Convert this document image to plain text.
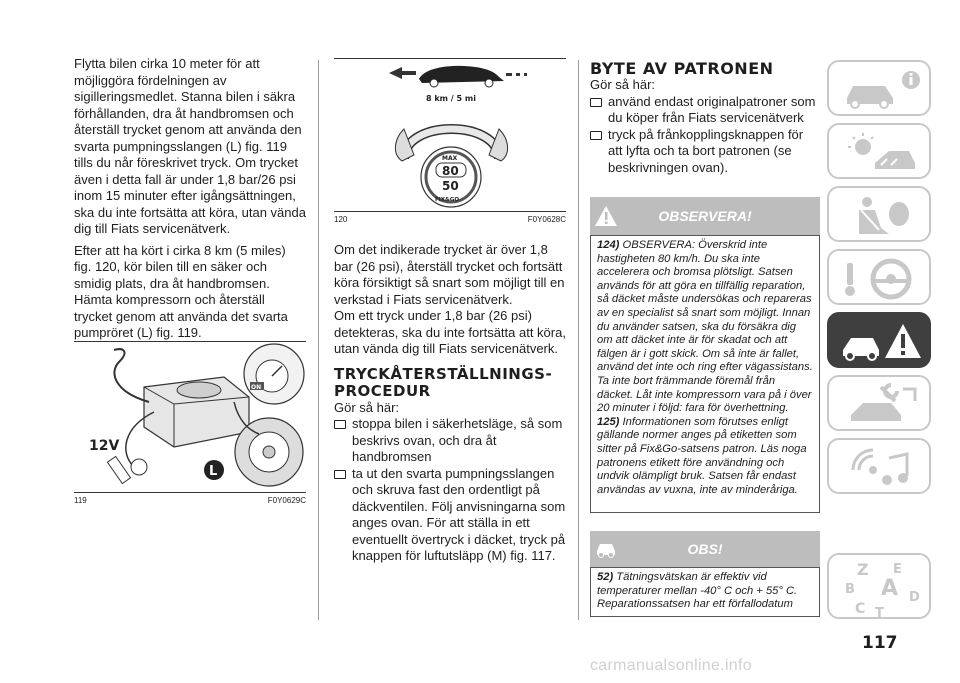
Flytta bilen cirka 10 meter för att möjliggöra fördelningen av sigilleringsmedlet. Stanna bilen i säkra förhållanden, dra åt handbromsen och återställ trycket genom att använda den svarta pumpningsslangen (L) fig. 119 tills du når föreskrivet tryck. Om trycket även i detta fall är under 1,8 bar/26 psi inom 15 minuter efter igångsättningen, ska du inte fortsätta att köra, utan vända dig till Fiats servicenätverk.

Efter att ha kört i cirka 8 km (5 miles) fig. 120, kör bilen till en säker och smidig plats, dra åt handbromsen. Hämta kompressorn och återställ trycket genom att använda det svarta pumpröret (L) fig. 119.

12V
ON
L
119	F0Y0629C
8 km / 5 mi
MAX
80
50
FIX&GO
120	F0Y0628C

Om det indikerade trycket är över 1,8 bar (26 psi), återställ trycket och fortsätt köra försiktigt så snart som möjligt till en verkstad i Fiats servicenätverk.

Om ett tryck under 1,8 bar (26 psi) detekteras, ska du inte fortsätta att köra, utan vända dig till Fiats servicenätverk.

TRYCKÅTERSTÄLLNINGS-
PROCEDUR

Gör så här:

stoppa bilen i säkerhetsläge, så som beskrivs ovan, och dra åt handbromsen
ta ut den svarta pumpningsslangen och skruva fast den ordentligt på däckventilen. Följ anvisningarna som anges ovan. För att ställa in ett eventuellt övertryck i däcket, tryck på knappen för luftutsläpp (M) fig. 117.
BYTE AV PATRONEN

Gör så här:

använd endast originalpatroner som du köper från Fiats servicenätverk
tryck på frånkopplingsknappen för att lyfta och ta bort patronen (se beskrivningen ovan).
OBSERVERA!
124) OBSERVERA: Överskrid inte hastigheten 80 km/h. Du ska inte accelerera och bromsa plötsligt. Satsen används för att göra en tillfällig reparation, så däcket måste undersökas och repareras av en specialist så snart som möjligt. Innan du använder satsen, ska du försäkra dig om att däcket inte är för skadat och att fälgen är i gott skick. Om så inte är fallet, använd det inte och ring efter vägassistans. Ta inte bort främmande föremål från däcket. Låt inte kompressorn vara på i över 20 minuter i följd: fara för överhettning.
125) Informationen som förutses enligt gällande normer anges på etiketten som sitter på Fix&Go-satsens patron. Läs noga patronens etikett före användning och undvik olämpligt bruk. Satsen får endast användas av vuxna, inte av minderåriga.
OBS!
52) Tätningsvätskan är effektiv vid temperaturer mellan -40° C och + 55° C. Reparationssatsen har ett förfallodatum
Z E
B A
C T
D
117
carmanualsonline.info
